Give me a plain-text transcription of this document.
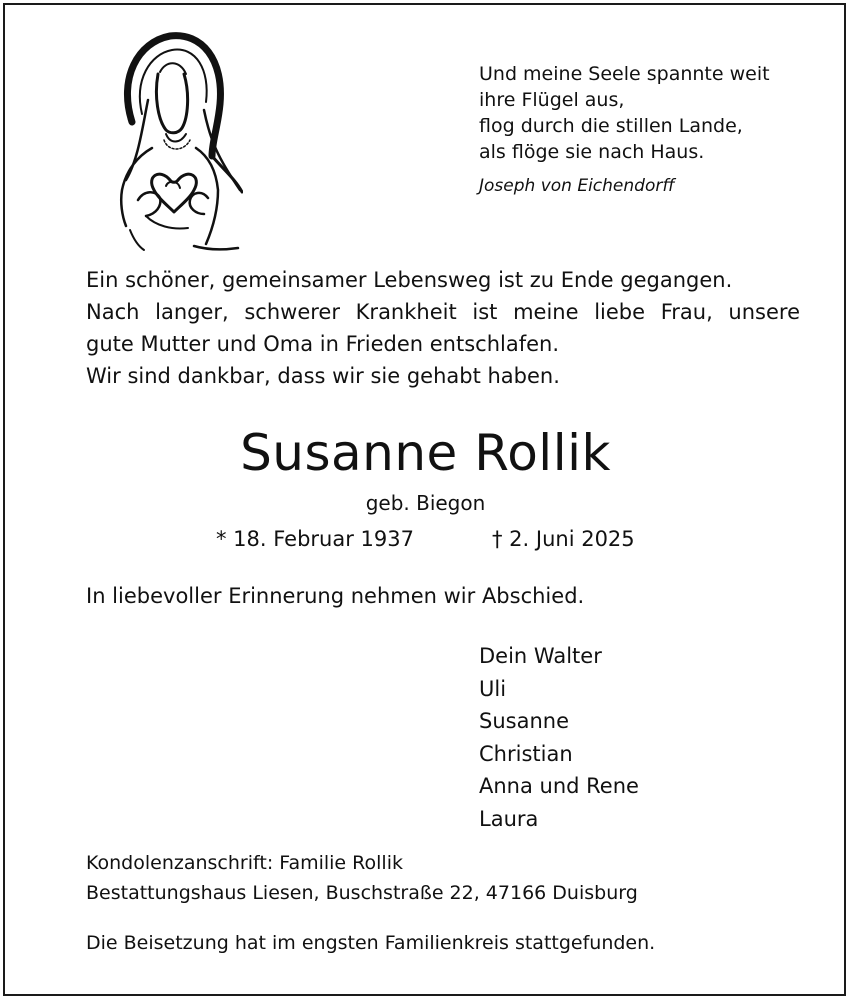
Und meine Seele spannte weit
ihre Flügel aus,
flog durch die stillen Lande,
als flöge sie nach Haus.
Joseph von Eichendorff
Ein schöner, gemeinsamer Lebensweg ist zu Ende gegangen.
Nach langer, schwerer Krankheit ist meine liebe Frau, unsere
gute Mutter und Oma in Frieden entschlafen.
Wir sind dankbar, dass wir sie gehabt haben.
Susanne Rollik
geb. Biegon
* 18. Februar 1937	† 2. Juni 2025
In liebevoller Erinnerung nehmen wir Abschied.
Dein Walter
Uli
Susanne
Christian
Anna und Rene
Laura
Kondolenzanschrift: Familie Rollik
Bestattungshaus Liesen, Buschstraße 22, 47166 Duisburg
Die Beisetzung hat im engsten Familienkreis stattgefunden.
